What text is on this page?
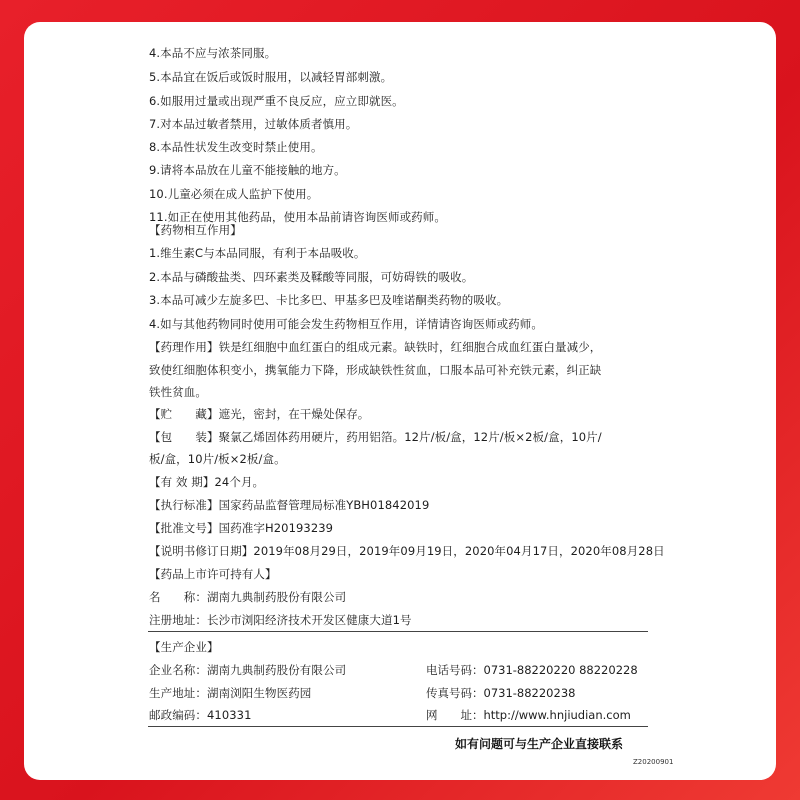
4.本品不应与浓茶同服。
5.本品宜在饭后或饭时服用，以减轻胃部刺激。
6.如服用过量或出现严重不良反应，应立即就医。
7.对本品过敏者禁用，过敏体质者慎用。
8.本品性状发生改变时禁止使用。
9.请将本品放在儿童不能接触的地方。
10.儿童必须在成人监护下使用。
11.如正在使用其他药品，使用本品前请咨询医师或药师。
【药物相互作用】
1.维生素C与本品同服，有利于本品吸收。
2.本品与磷酸盐类、四环素类及鞣酸等同服，可妨碍铁的吸收。
3.本品可减少左旋多巴、卡比多巴、甲基多巴及喹诺酮类药物的吸收。
4.如与其他药物同时使用可能会发生药物相互作用，详情请咨询医师或药师。
【药理作用】铁是红细胞中血红蛋白的组成元素。缺铁时，红细胞合成血红蛋白量减少，
致使红细胞体积变小，携氧能力下降，形成缺铁性贫血，口服本品可补充铁元素，纠正缺
铁性贫血。
【贮　　藏】遮光，密封，在干燥处保存。
【包　　装】聚氯乙烯固体药用硬片，药用铝箔。12片/板/盒，12片/板×2板/盒，10片/
板/盒，10片/板×2板/盒。
【有 效 期】24个月。
【执行标准】国家药品监督管理局标准YBH01842019
【批准文号】国药准字H20193239
【说明书修订日期】2019年08月29日，2019年09月19日，2020年04月17日，2020年08月28日
【药品上市许可持有人】
名　　称：湖南九典制药股份有限公司
注册地址：长沙市浏阳经济技术开发区健康大道1号
【生产企业】
企业名称：湖南九典制药股份有限公司	电话号码：0731-88220220 88220228
生产地址：湖南浏阳生物医药园	传真号码：0731-88220238
邮政编码：410331	网　　址：http://www.hnjiudian.com
如有问题可与生产企业直接联系
Z20200901
